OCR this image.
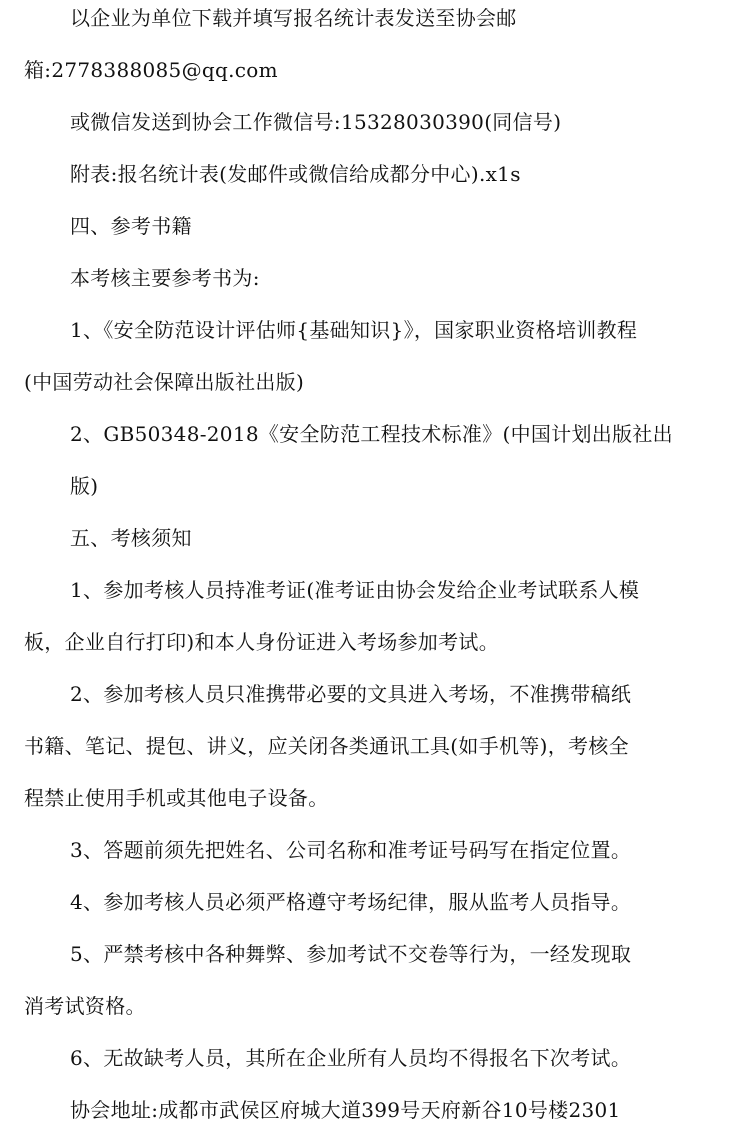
以企业为单位下载并填写报名统计表发送至协会邮
箱:2778388085@qq.com
或微信发送到协会工作微信号:15328030390(同信号)
附表:报名统计表(发邮件或微信给成都分中心).x1s
四、参考书籍
本考核主要参考书为:
1、《安全防范设计评估师{基础知识}》，国家职业资格培训教程
(中国劳动社会保障出版社出版)
2、GB50348-2018《安全防范工程技术标准》(中国计划出版社出
版)
五、考核须知
1、参加考核人员持准考证(准考证由协会发给企业考试联系人模
板，企业自行打印)和本人身份证进入考场参加考试。
2、参加考核人员只准携带必要的文具进入考场，不准携带稿纸
书籍、笔记、提包、讲义，应关闭各类通讯工具(如手机等)，考核全
程禁止使用手机或其他电子设备。
3、答题前须先把姓名、公司名称和准考证号码写在指定位置。
4、参加考核人员必须严格遵守考场纪律，服从监考人员指导。
5、严禁考核中各种舞弊、参加考试不交卷等行为，一经发现取
消考试资格。
6、无故缺考人员，其所在企业所有人员均不得报名下次考试。
协会地址:成都市武侯区府城大道399号天府新谷10号楼2301
